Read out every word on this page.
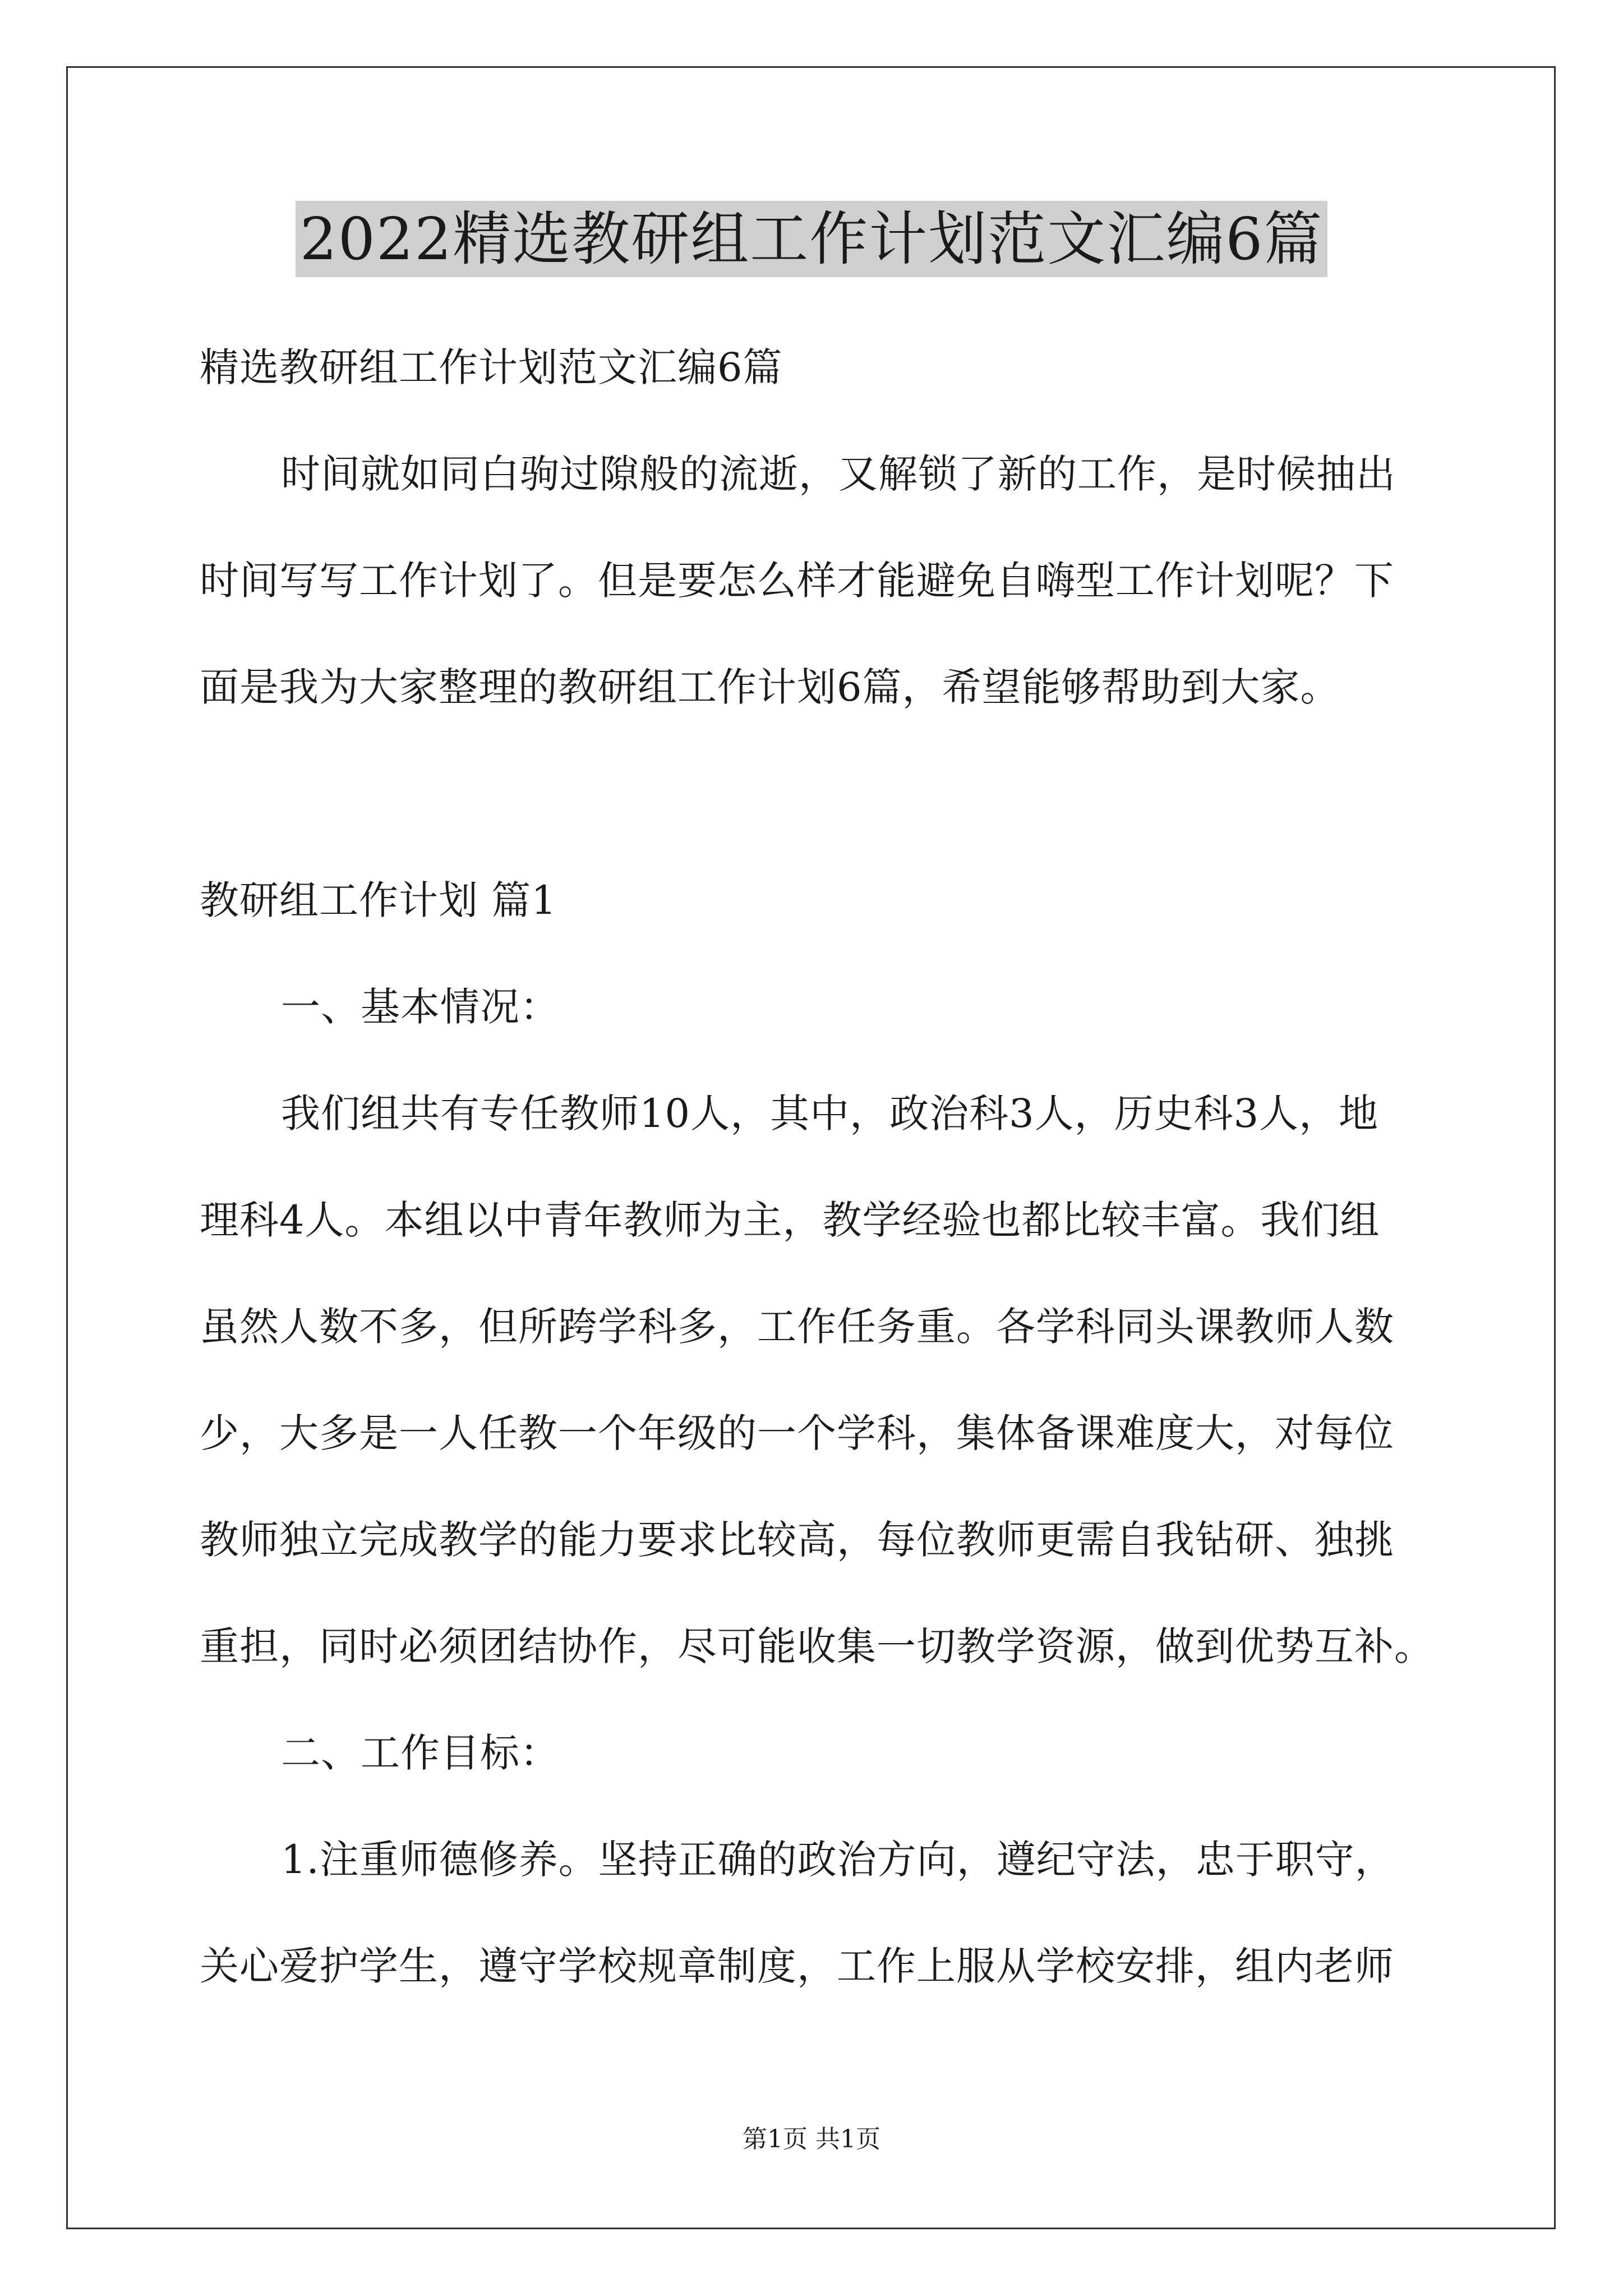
2022精选教研组工作计划范文汇编6篇

精选教研组工作计划范文汇编6篇

时间就如同白驹过隙般的流逝，又解锁了新的工作，是时候抽出

时间写写工作计划了。但是要怎么样才能避免自嗨型工作计划呢？下

面是我为大家整理的教研组工作计划6篇，希望能够帮助到大家。

教研组工作计划 篇1

一、基本情况：

我们组共有专任教师10人，其中，政治科3人，历史科3人，地

理科4人。本组以中青年教师为主，教学经验也都比较丰富。我们组

虽然人数不多，但所跨学科多，工作任务重。各学科同头课教师人数

少，大多是一人任教一个年级的一个学科，集体备课难度大，对每位

教师独立完成教学的能力要求比较高，每位教师更需自我钻研、独挑

重担，同时必须团结协作，尽可能收集一切教学资源，做到优势互补。

二、工作目标：

1.注重师德修养。坚持正确的政治方向，遵纪守法，忠于职守，

关心爱护学生，遵守学校规章制度，工作上服从学校安排，组内老师

第1页 共1页
